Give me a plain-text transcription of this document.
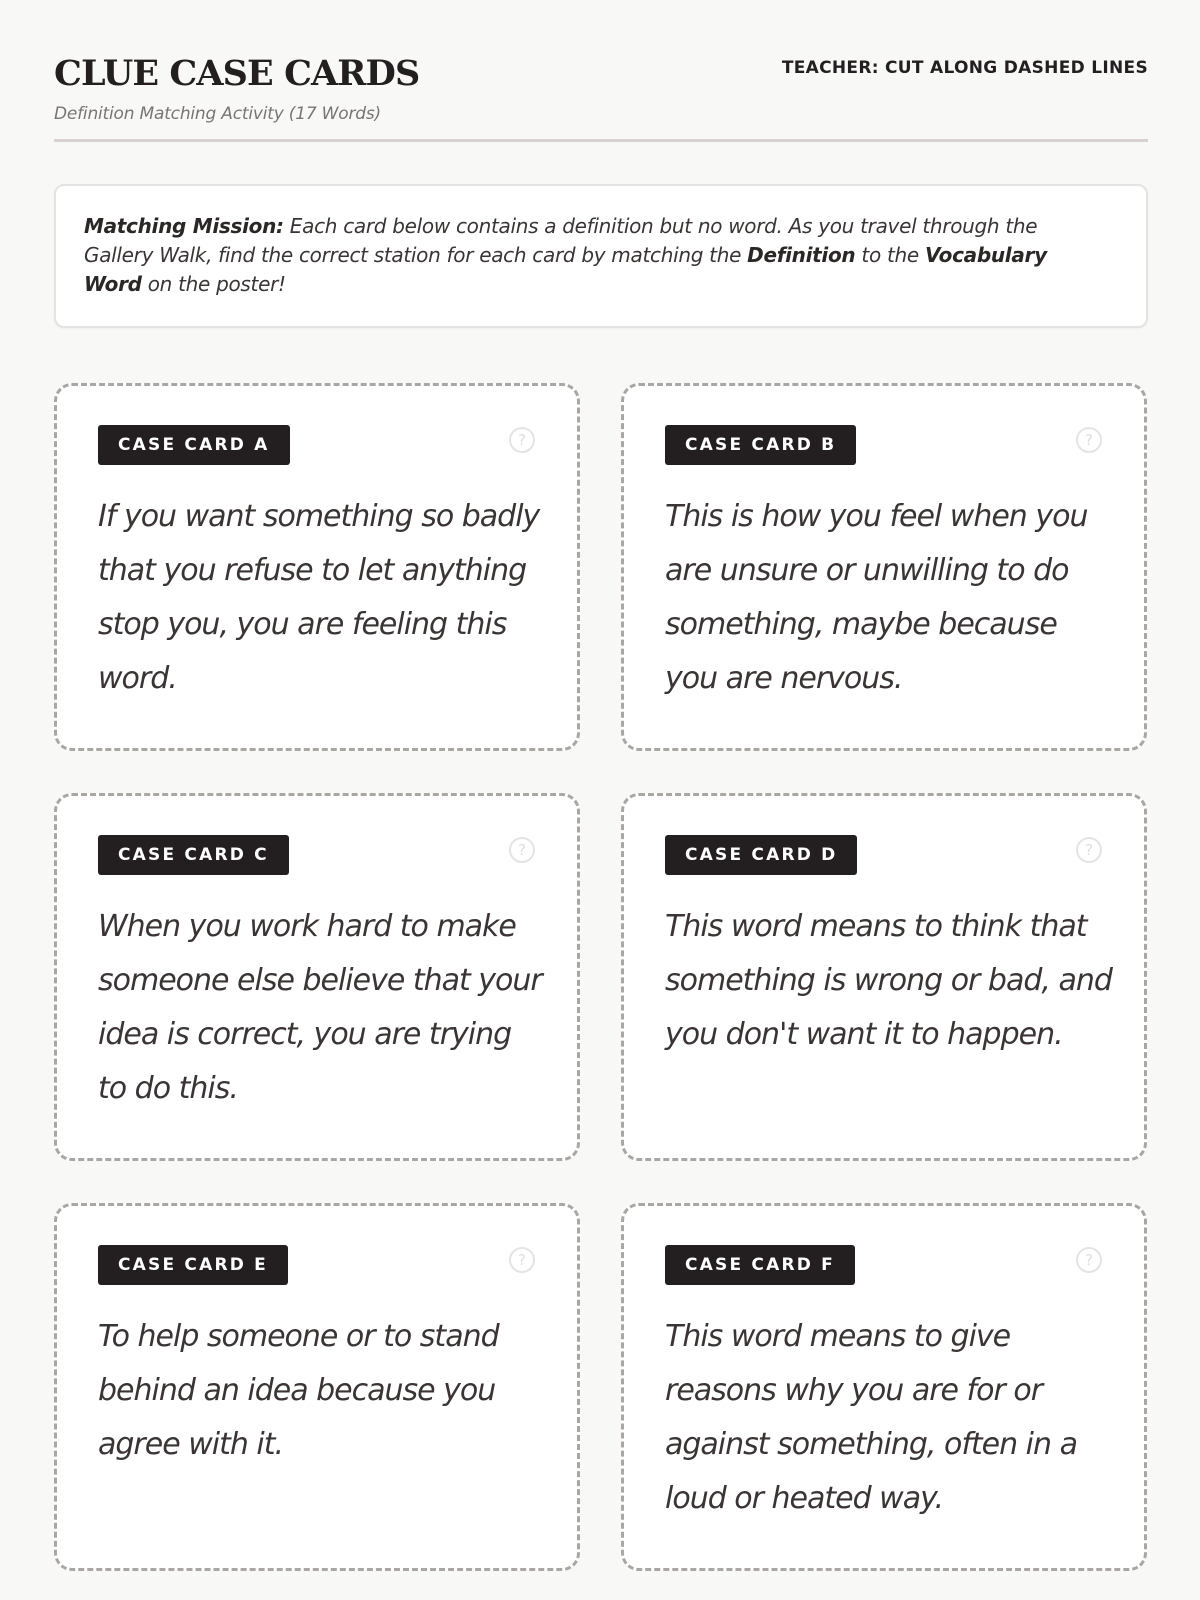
CLUE CASE CARDS

Definition Matching Activity (17 Words)

TEACHER: CUT ALONG DASHED LINES

Matching Mission: Each card below contains a definition but no word. As you travel through the Gallery Walk, find the correct station for each card by matching the Definition to the Vocabulary Word on the poster!
CASE CARD A	?

If you want something so badly that you refuse to let anything stop you, you are feeling this word.

CASE CARD B	?

This is how you feel when you are unsure or unwilling to do something, maybe because you are nervous.

CASE CARD C	?

When you work hard to make someone else believe that your idea is correct, you are trying to do this.

CASE CARD D	?

This word means to think that something is wrong or bad, and you don't want it to happen.

CASE CARD E	?

To help someone or to stand behind an idea because you agree with it.

CASE CARD F	?

This word means to give reasons why you are for or against something, often in a loud or heated way.
